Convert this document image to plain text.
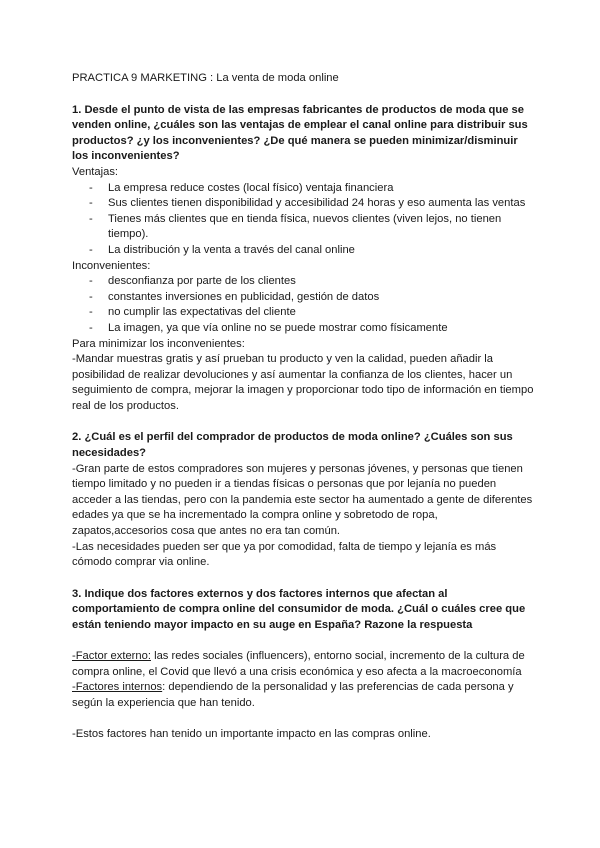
PRACTICA 9 MARKETING : La venta de moda online

1. Desde el punto de vista de las empresas fabricantes de productos de moda que se venden online, ¿cuáles son las ventajas de emplear el canal online para distribuir sus productos? ¿y los inconvenientes? ¿De qué manera se pueden minimizar/disminuir los inconvenientes?

Ventajas:

- La empresa reduce costes (local físico) ventaja financiera
- Sus clientes tienen disponibilidad y accesibilidad 24 horas y eso aumenta las ventas
- Tienes más clientes que en tienda física, nuevos clientes (viven lejos, no tienen tiempo).
- La distribución y la venta a través del canal online

Inconvenientes:

- desconfianza por parte de los clientes
- constantes inversiones en publicidad, gestión de datos
- no cumplir las expectativas del cliente
- La imagen, ya que vía online no se puede mostrar como físicamente

Para minimizar los inconvenientes:

-Mandar muestras gratis y así prueban tu producto y ven la calidad, pueden añadir la posibilidad de realizar devoluciones y así aumentar la confianza de los clientes, hacer un seguimiento de compra, mejorar la imagen y proporcionar todo tipo de información en tiempo real de los productos.

2. ¿Cuál es el perfil del comprador de productos de moda online? ¿Cuáles son sus necesidades?

-Gran parte de estos compradores son mujeres y personas jóvenes, y personas que tienen tiempo limitado y no pueden ir a tiendas físicas o personas que por lejanía no pueden acceder a las tiendas, pero con la pandemia este sector ha aumentado a gente de diferentes edades ya que se ha incrementado la compra online y sobretodo de ropa, zapatos,accesorios cosa que antes no era tan común.

-Las necesidades pueden ser que ya por comodidad, falta de tiempo y lejanía es más cómodo comprar via online.

3. Indique dos factores externos y dos factores internos que afectan al comportamiento de compra online del consumidor de moda. ¿Cuál o cuáles cree que están teniendo mayor impacto en su auge en España? Razone la respuesta

-Factor externo: las redes sociales (influencers), entorno social, incremento de la cultura de compra online, el Covid que llevó a una crisis económica y eso afecta a la macroeconomía

-Factores internos: dependiendo de la personalidad y las preferencias de cada persona y según la experiencia que han tenido.

-Estos factores han tenido un importante impacto en las compras online.
